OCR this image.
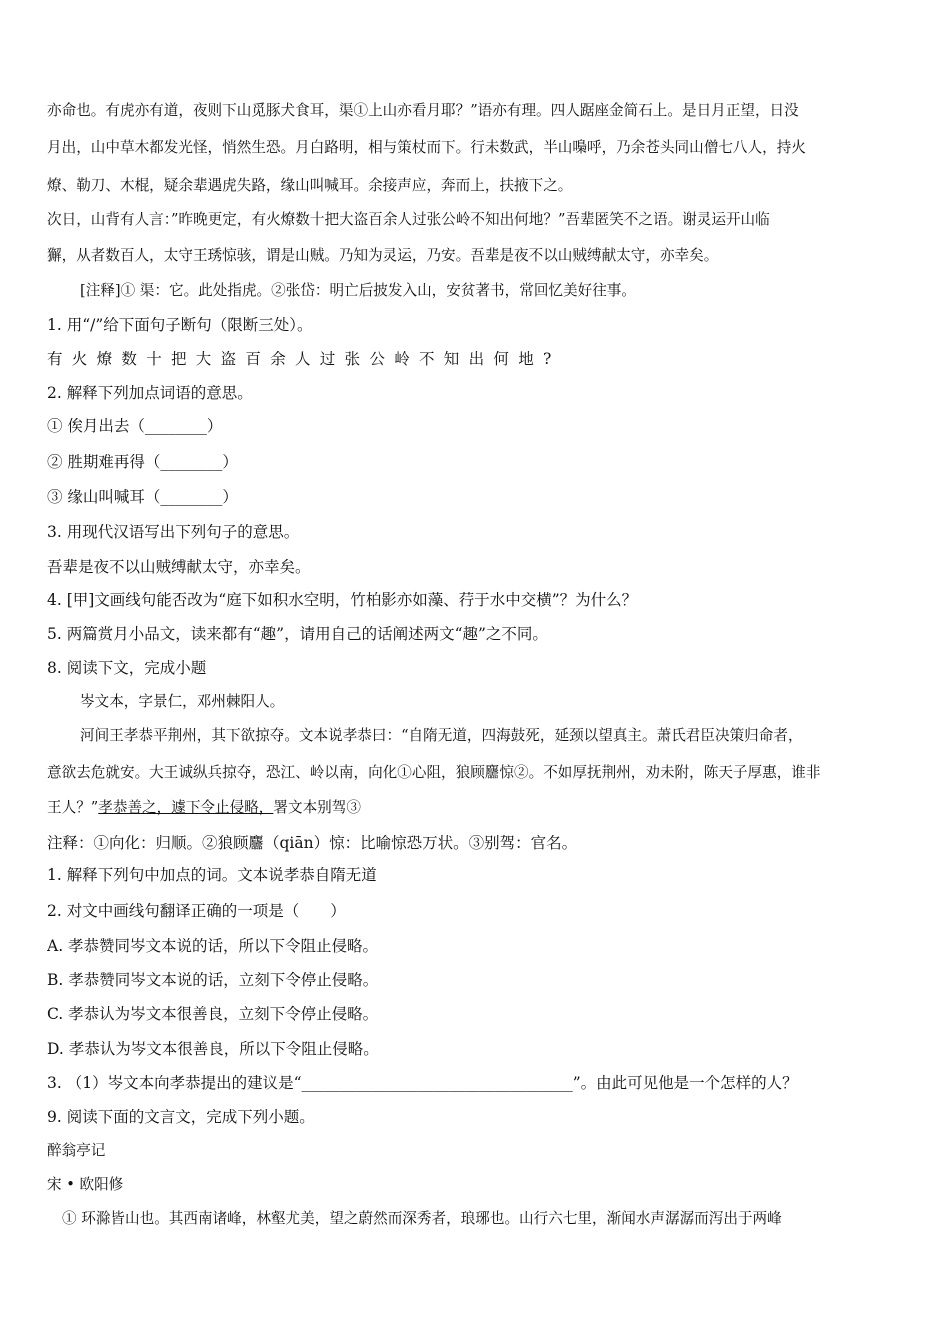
亦命也。有虎亦有道，夜则下山觅豚犬食耳，渠①上山亦看月耶？”语亦有理。四人踞座金简石上。是日月正望，日没
月出，山中草木都发光怪，悄然生恐。月白路明，相与策杖而下。行未数武，半山嘄呼，乃余苍头同山僧七八人，持火
燎、勒刀、木棍，疑余辈遇虎失路，缘山叫喊耳。余接声应，奔而上，扶掖下之。
次日，山背有人言：”昨晚更定，有火燎数十把大盗百余人过张公岭不知出何地？”吾辈匿笑不之语。谢灵运开山临
獬，从者数百人，太守王琇惊骇，谓是山贼。乃知为灵运，乃安。吾辈是夜不以山贼缚献太守，亦幸矣。
[注释]① 渠：它。此处指虎。②张岱：明亡后披发入山，安贫著书，常回忆美好往事。
1. 用“/”给下面句子断句（限断三处）。
有火燎数十把大盗百余人过张公岭不知出何地?
2. 解释下列加点词语的意思。
① 俟月出去（________）
② 胜期难再得（________）
③ 缘山叫喊耳（________）
3. 用现代汉语写出下列句子的意思。
吾辈是夜不以山贼缚献太守，亦幸矣。
4. [甲]文画线句能否改为“庭下如积水空明，竹柏影亦如藻、荇于水中交横”？为什么？
5. 两篇赏月小品文，读来都有“趣”，请用自己的话阐述两文“趣”之不同。
8. 阅读下文，完成小题
岑文本，字景仁，邓州棘阳人。
河间王孝恭平荆州，其下欲掠夺。文本说孝恭曰：“自隋无道，四海鼓死，延颈以望真主。萧氏君臣决策归命者，
意欲去危就安。大王诚纵兵掠夺，恐江、岭以南，向化①心阻，狼顾麢惊②。不如厚抚荆州，劝未附，陈天子厚惠，谁非
王人？”孝恭善之，遽下令止侵略，署文本别驾③
注释：①向化：归顺。②狼顾麢（qiān）惊：比喻惊恐万状。③别驾：官名。
1. 解释下列句中加点的词。文本说孝恭自隋无道
2. 对文中画线句翻译正确的一项是（　　）
A. 孝恭赞同岑文本说的话，所以下令阻止侵略。
B. 孝恭赞同岑文本说的话，立刻下令停止侵略。
C. 孝恭认为岑文本很善良，立刻下令停止侵略。
D. 孝恭认为岑文本很善良，所以下令阻止侵略。
3. （1）岑文本向孝恭提出的建议是“___________________________________”。由此可见他是一个怎样的人？
9. 阅读下面的文言文，完成下列小题。
醉翁亭记
宋 • 欧阳修
① 环滁皆山也。其西南诸峰，林壑尤美，望之蔚然而深秀者，琅琊也。山行六七里，渐闻水声潺潺而泻出于两峰
